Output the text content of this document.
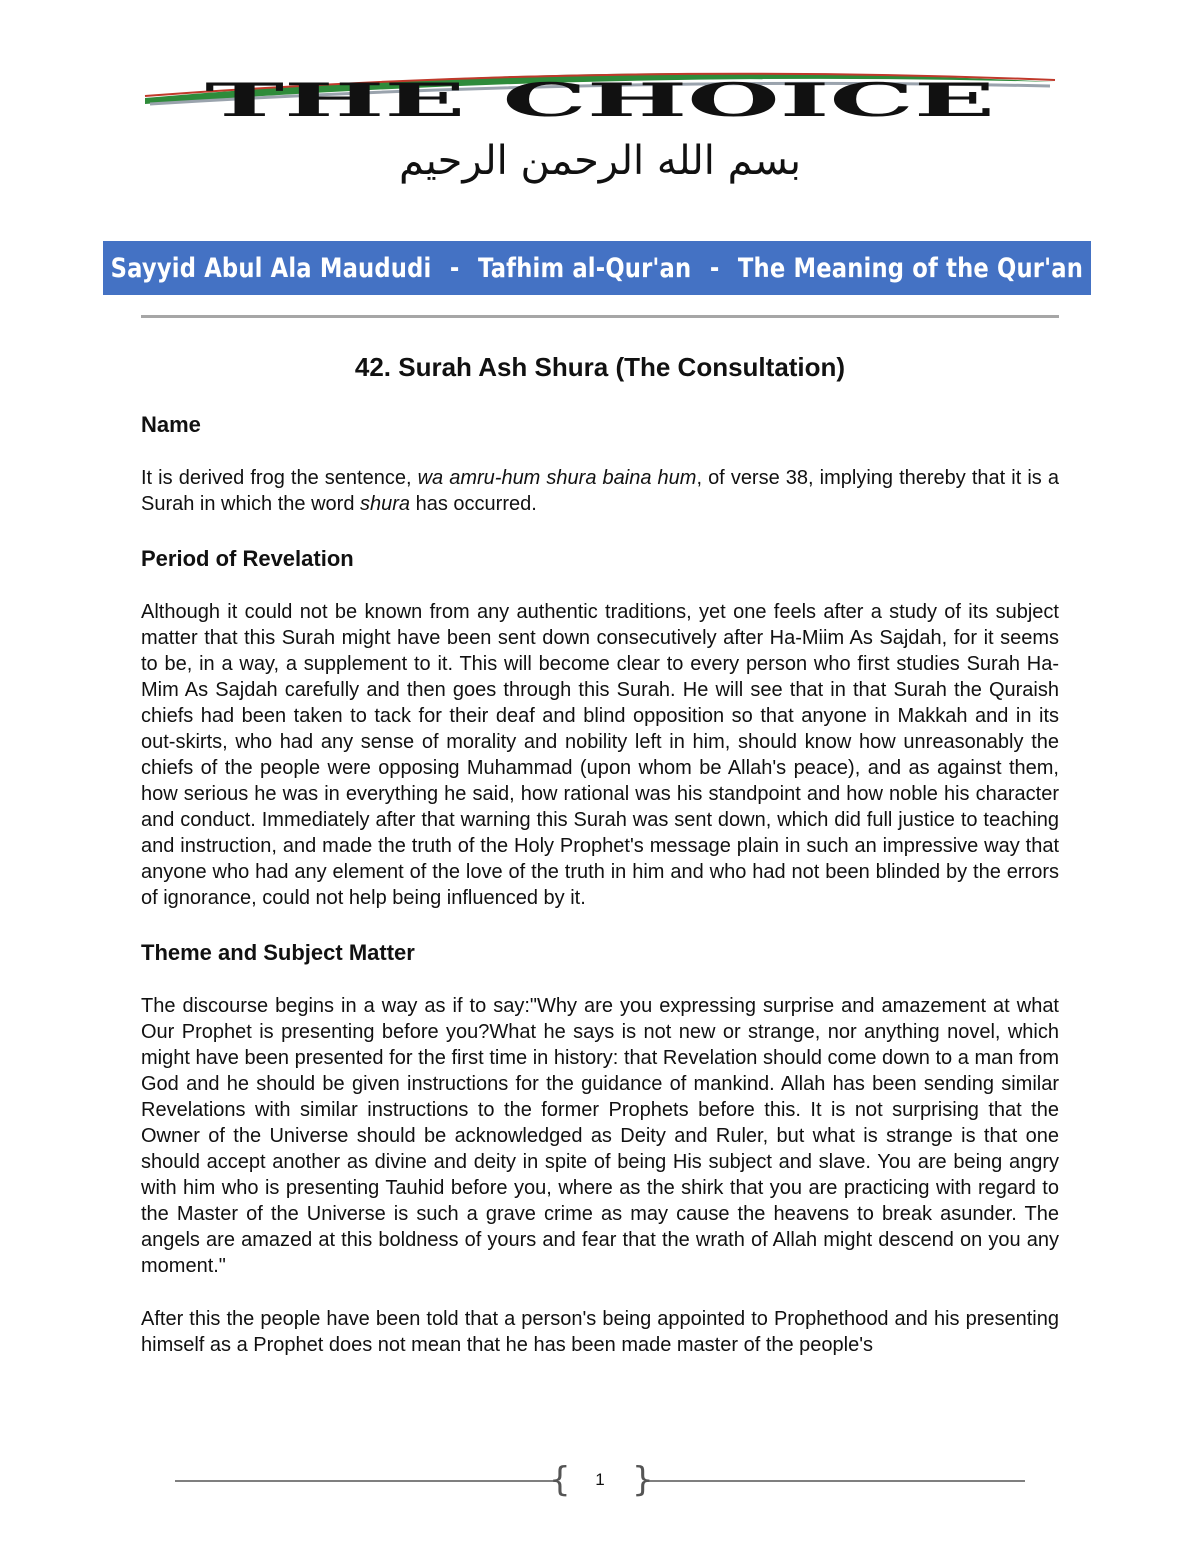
THE CHOICE
بسم الله الرحمن الرحيم
Sayyid Abul Ala Maududi - Tafhim al-Qur'an - The Meaning of the Qur'an
42. Surah Ash Shura (The Consultation)
Name

It is derived frog the sentence, wa amru-hum shura baina hum, of verse 38, implying thereby that it is a Surah in which the word shura has occurred.

Period of Revelation

Although it could not be known from any authentic traditions, yet one feels after a study of its subject matter that this Surah might have been sent down consecutively after Ha-Miim As Sajdah, for it seems to be, in a way, a supplement to it. This will become clear to every person who first studies Surah Ha-Mim As Sajdah carefully and then goes through this Surah. He will see that in that Surah the Quraish chiefs had been taken to tack for their deaf and blind opposition so that anyone in Makkah and in its out-skirts, who had any sense of morality and nobility left in him, should know how unreasonably the chiefs of the people were opposing Muhammad (upon whom be Allah's peace), and as against them, how serious he was in everything he said, how rational was his standpoint and how noble his character and conduct. Immediately after that warning this Surah was sent down, which did full justice to teaching and instruction, and made the truth of the Holy Prophet's message plain in such an impressive way that anyone who had any element of the love of the truth in him and who had not been blinded by the errors of ignorance, could not help being influenced by it.

Theme and Subject Matter

The discourse begins in a way as if to say:"Why are you expressing surprise and amazement at what Our Prophet is presenting before you?What he says is not new or strange, nor anything novel, which might have been presented for the first time in history: that Revelation should come down to a man from God and he should be given instructions for the guidance of mankind. Allah has been sending similar Revelations with similar instructions to the former Prophets before this. It is not surprising that the Owner of the Universe should be acknowledged as Deity and Ruler, but what is strange is that one should accept another as divine and deity in spite of being His subject and slave. You are being angry with him who is presenting Tauhid before you, where as the shirk that you are practicing with regard to the Master of the Universe is such a grave crime as may cause the heavens to break asunder. The angels are amazed at this boldness of yours and fear that the wrath of Allah might descend on you any moment."

After this the people have been told that a person's being appointed to Prophethood and his presenting himself as a Prophet does not mean that he has been made master of the people's

{ }
1
